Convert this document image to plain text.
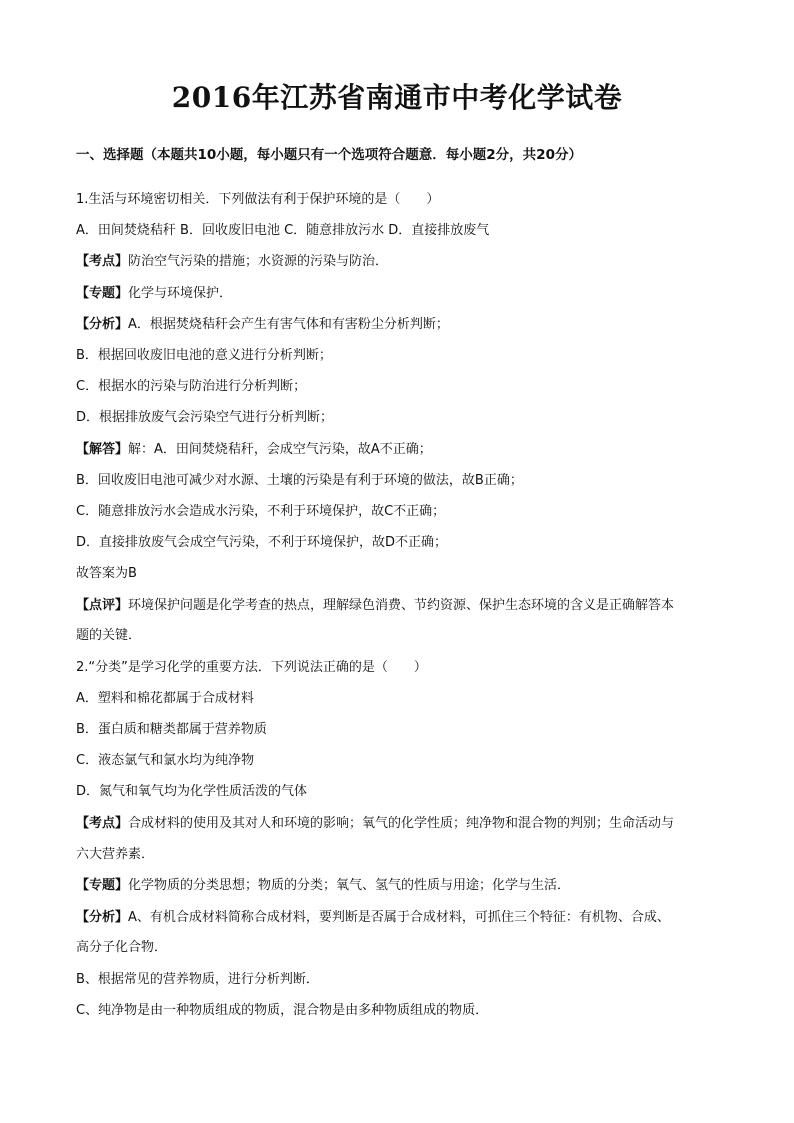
2016年江苏省南通市中考化学试卷
一、选择题（本题共10小题，每小题只有一个选项符合题意．每小题2分，共20分）
1.生活与环境密切相关．下列做法有利于保护环境的是（　　）
A．田间焚烧秸秆 B．回收废旧电池 C．随意排放污水 D．直接排放废气
【考点】防治空气污染的措施；水资源的污染与防治．
【专题】化学与环境保护．
【分析】A．根据焚烧秸秆会产生有害气体和有害粉尘分析判断；
B．根据回收废旧电池的意义进行分析判断；
C．根据水的污染与防治进行分析判断；
D．根据排放废气会污染空气进行分析判断；
【解答】解：A．田间焚烧秸秆，会成空气污染，故A不正确；
B．回收废旧电池可减少对水源、土壤的污染是有利于环境的做法，故B正确；
C．随意排放污水会造成水污染，不利于环境保护，故C不正确；
D．直接排放废气会成空气污染，不利于环境保护，故D不正确；
故答案为B
【点评】环境保护问题是化学考查的热点，理解绿色消费、节约资源、保护生态环境的含义是正确解答本
题的关键．
2.“分类”是学习化学的重要方法．下列说法正确的是（　　）
A．塑料和棉花都属于合成材料
B．蛋白质和糖类都属于营养物质
C．液态氯气和氯水均为纯净物
D．氮气和氧气均为化学性质活泼的气体
【考点】合成材料的使用及其对人和环境的影响；氧气的化学性质；纯净物和混合物的判别；生命活动与
六大营养素．
【专题】化学物质的分类思想；物质的分类；氧气、氢气的性质与用途；化学与生活．
【分析】A、有机合成材料简称合成材料，要判断是否属于合成材料，可抓住三个特征：有机物、合成、
高分子化合物．
B、根据常见的营养物质，进行分析判断．
C、纯净物是由一种物质组成的物质，混合物是由多种物质组成的物质．
